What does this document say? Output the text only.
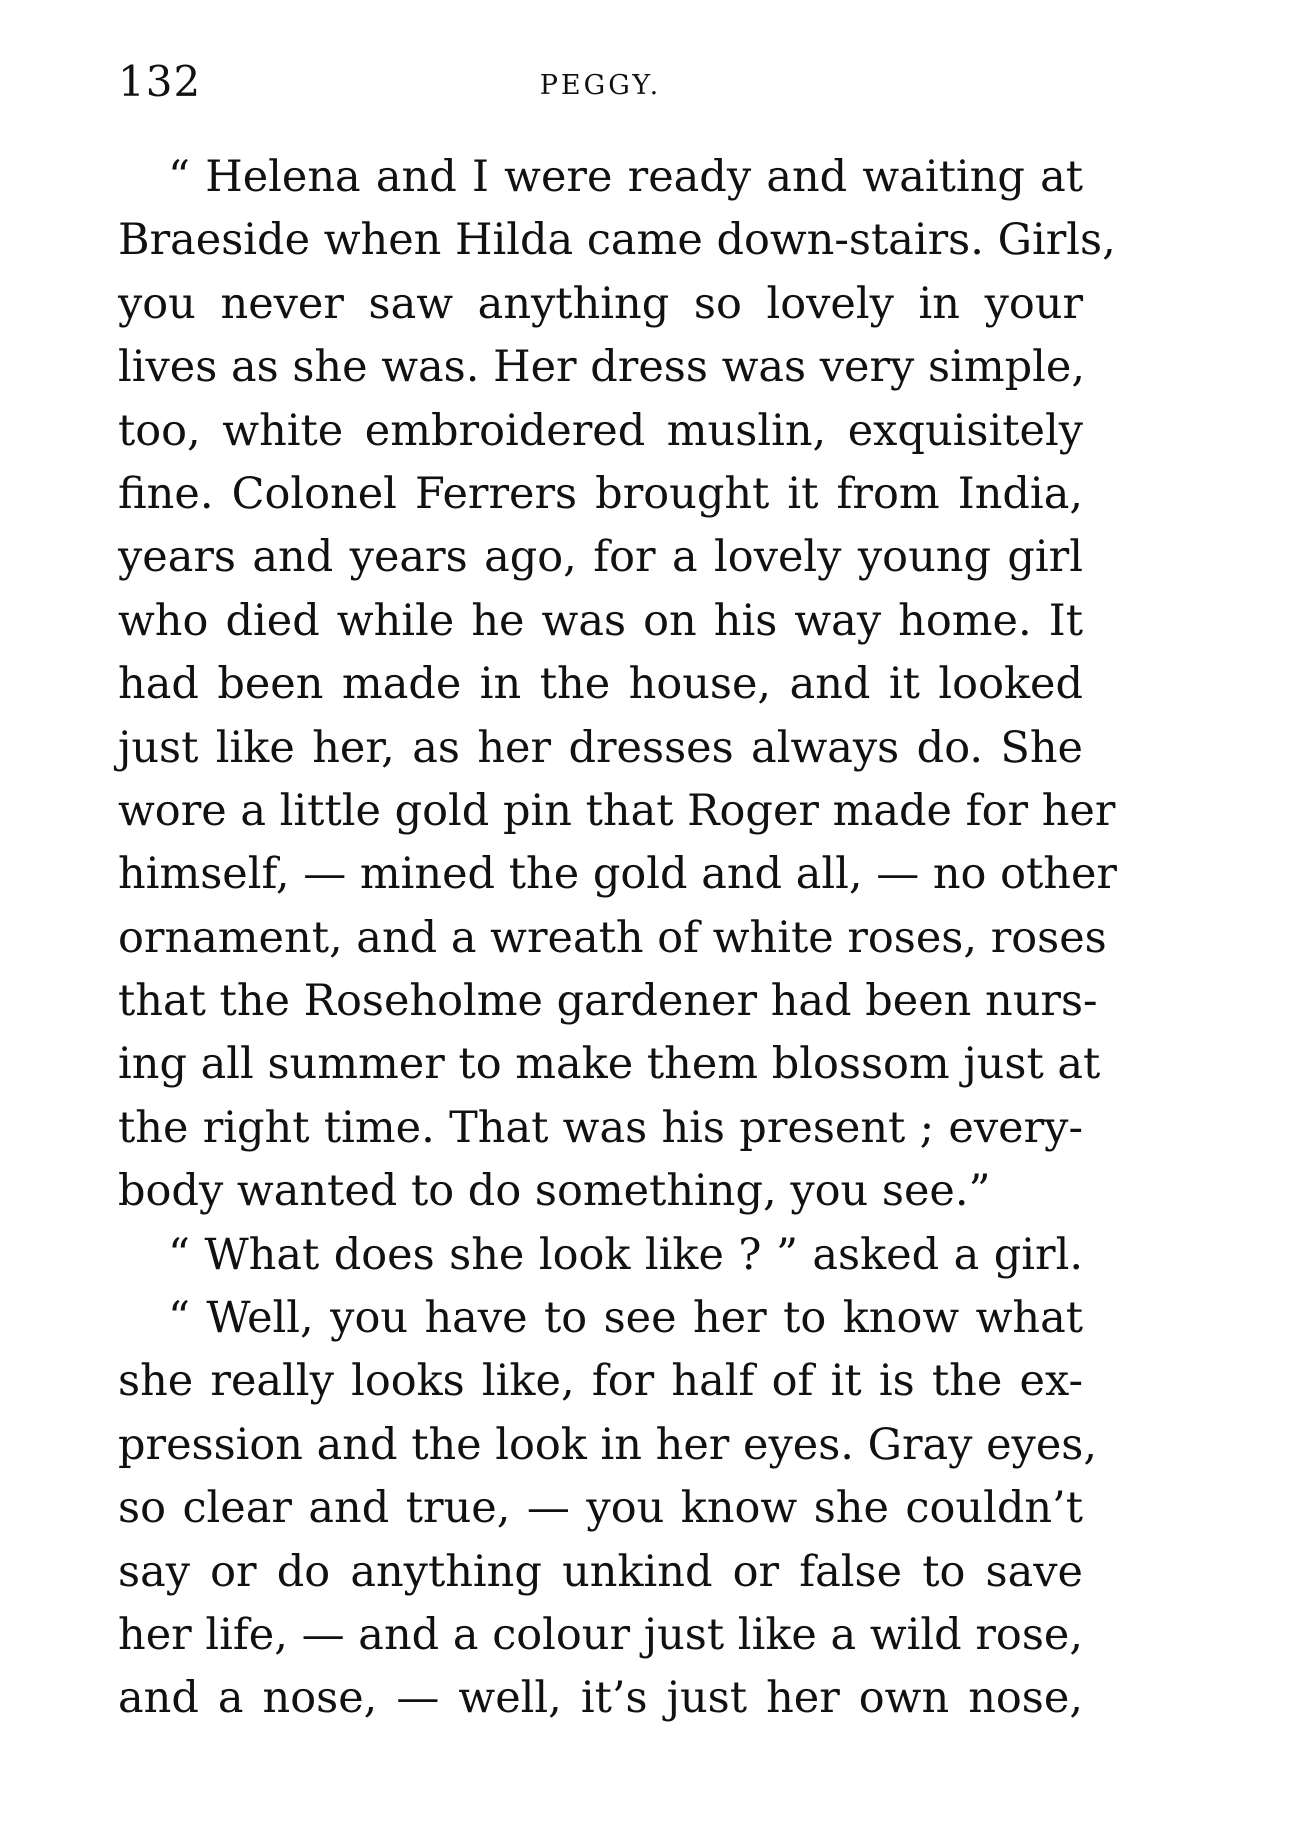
132	PEGGY.
“ Helena and I were ready and waiting at
Braeside when Hilda came down-stairs. Girls,
you never saw anything so lovely in your
lives as she was. Her dress was very simple,
too, white embroidered muslin, exquisitely
fine. Colonel Ferrers brought it from India,
years and years ago, for a lovely young girl
who died while he was on his way home. It
had been made in the house, and it looked
just like her, as her dresses always do. She
wore a little gold pin that Roger made for her
himself, — mined the gold and all, — no other
ornament, and a wreath of white roses, roses
that the Roseholme gardener had been nurs-
ing all summer to make them blossom just at
the right time. That was his present ; every-
body wanted to do something, you see.”
“ What does she look like ? ” asked a girl.
“ Well, you have to see her to know what
she really looks like, for half of it is the ex-
pression and the look in her eyes. Gray eyes,
so clear and true, — you know she couldn’t
say or do anything unkind or false to save
her life, — and a colour just like a wild rose,
and a nose, — well, it’s just her own nose,
